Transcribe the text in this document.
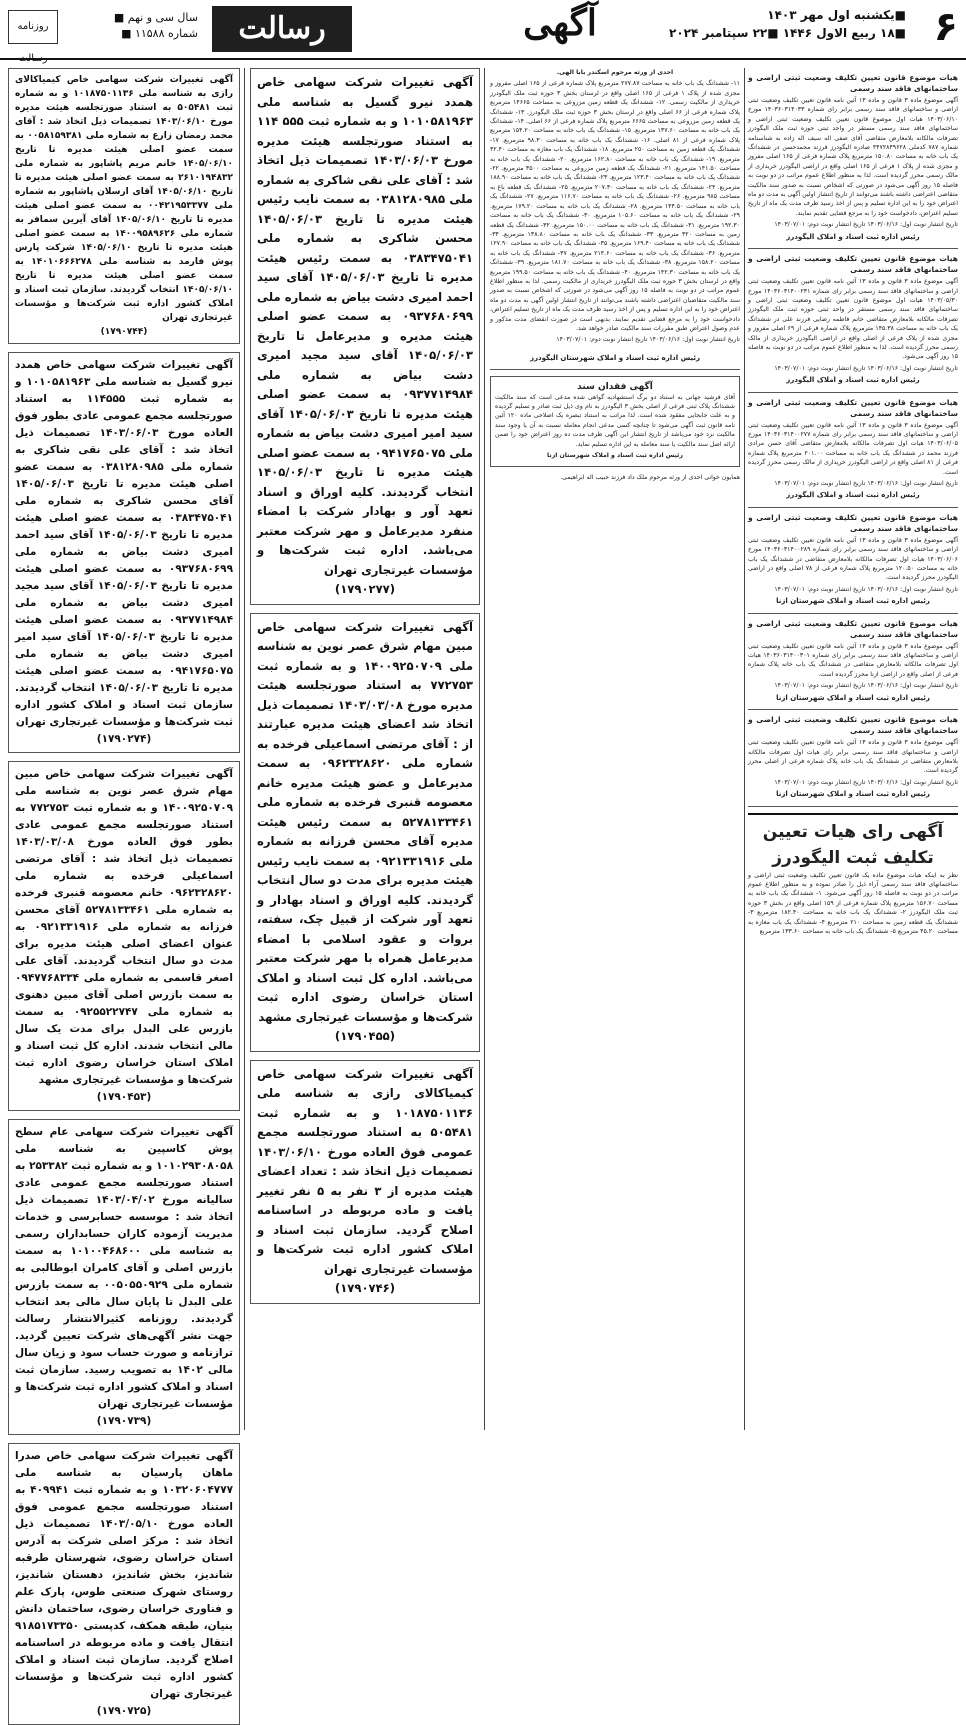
۶
■یکشنبه اول مهر ۱۴۰۳
■۱۸ ربیع الاول ۱۴۴۶ ■۲۲ سپتامبر ۲۰۲۴
آگهی
رسالت
سال سی و نهم ■
شماره ۱۱۵۸۸ ■
روزنامه رسالت
هیات موضوع قانون تعیین تکلیف وضعیت ثبتی اراضی و ساختمانهای فاقد سند رسمی

آگهی موضوع ماده ۳ قانون و ماده ۱۳ آئین نامه قانون تعیین تکلیف وضعیت ثبتی اراضی و ساختمانهای فاقد سند رسمی برابر رای شماره ۱۴۰۳۶۰۳۱۴۰۳۳ مورخ ۱۴۰۳/۰۶/۱۰ هیات اول موضوع قانون تعیین تکلیف وضعیت ثبتی اراضی و ساختمانهای فاقد سند رسمی مستقر در واحد ثبتی حوزه ثبت ملک الیگودرز تصرفات مالکانه بلامعارض متقاضی آقای صفی اله سیف اله زاده به شناسنامه شماره ۷۸۷ کدملی ۴۴۷۲۸۴۹۶۲۸ صادره الیگودرز فرزند محمدحسن در ششدانگ یک باب خانه به مساحت ۱۵۰.۸۰ مترمربع پلاک شماره فرعی از ۱۶۵ اصلی مفروز و مجزی شده از پلاک ۱ فرعی از ۱۶۵ اصلی واقع در اراضی الیگودرز خریداری از مالک رسمی محرز گردیده است. لذا به منظور اطلاع عموم مراتب در دو نوبت به فاصله ۱۵ روز آگهی می‌شود در صورتی که اشخاص نسبت به صدور سند مالکیت متقاضی اعتراضی داشته باشند می‌توانند از تاریخ انتشار اولین آگهی به مدت دو ماه اعتراض خود را به این اداره تسلیم و پس از اخذ رسید ظرف مدت یک ماه از تاریخ تسلیم اعتراض، دادخواست خود را به مرجع قضایی تقدیم نمایند.

تاریخ انتشار نوبت اول: ۱۴۰۳/۰۶/۱۶ تاریخ انتشار نوبت دوم: ۱۴۰۳/۰۷/۰۱

رئیس اداره ثبت اسناد و املاک الیگودرز
هیات موضوع قانون تعیین تکلیف وضعیت ثبتی اراضی و ساختمانهای فاقد سند رسمی

آگهی موضوع ماده ۳ قانون و ماده ۱۳ آئین نامه قانون تعیین تکلیف وضعیت ثبتی اراضی و ساختمانهای فاقد سند رسمی برابر رای شماره ۱۴۰۳۶۰۳۱۴۰۰۲۳۱ مورخ ۱۴۰۳/۰۵/۳۰ هیات اول موضوع قانون تعیین تکلیف وضعیت ثبتی اراضی و ساختمانهای فاقد سند رسمی مستقر در واحد ثبتی حوزه ثبت ملک الیگودرز تصرفات مالکانه بلامعارض متقاضی خانم فاطمه رضایی فرزند علی در ششدانگ یک باب خانه به مساحت ۱۴۵.۳۸ مترمربع پلاک شماره فرعی از ۶۹ اصلی مفروز و مجزی شده از پلاک فرعی از اصلی واقع در اراضی الیگودرز خریداری از مالک رسمی محرز گردیده است. لذا به منظور اطلاع عموم مراتب در دو نوبت به فاصله ۱۵ روز آگهی می‌شود.

تاریخ انتشار نوبت اول: ۱۴۰۳/۰۶/۱۶ تاریخ انتشار نوبت دوم: ۱۴۰۳/۰۷/۰۱

رئیس اداره ثبت اسناد و املاک الیگودرز
هیات موضوع قانون تعیین تکلیف وضعیت ثبتی اراضی و ساختمانهای فاقد سند رسمی

آگهی موضوع ماده ۳ قانون و ماده ۱۳ آئین نامه قانون تعیین تکلیف وضعیت ثبتی اراضی و ساختمانهای فاقد سند رسمی برابر رای شماره ۱۴۰۳۶۰۳۱۴۰۰۲۷۷ مورخ ۱۴۰۳/۰۶/۰۵ هیات اول تصرفات مالکانه بلامعارض متقاضی آقای حسن مرادی فرزند محمد در ششدانگ یک باب خانه به مساحت ۲۰۱.۰۰ مترمربع پلاک شماره فرعی از ۸۱ اصلی واقع در اراضی الیگودرز خریداری از مالک رسمی محرز گردیده است.

تاریخ انتشار نوبت اول: ۱۴۰۳/۰۶/۱۶ تاریخ انتشار نوبت دوم: ۱۴۰۳/۰۷/۰۱

رئیس اداره ثبت اسناد و املاک الیگودرز
هیات موضوع قانون تعیین تکلیف وضعیت ثبتی اراضی و ساختمانهای فاقد سند رسمی

آگهی موضوع ماده ۳ قانون و ماده ۱۳ آئین نامه قانون تعیین تکلیف وضعیت ثبتی اراضی و ساختمانهای فاقد سند رسمی برابر رای شماره ۱۴۰۳۶۰۳۱۴۰۰۲۸۹ مورخ ۱۴۰۳/۰۶/۰۶ هیات اول تصرفات مالکانه بلامعارض متقاضی در ششدانگ یک باب خانه به مساحت ۱۲۰.۵۰ مترمربع پلاک شماره فرعی از ۷۸ اصلی واقع در اراضی الیگودرز محرز گردیده است.

تاریخ انتشار نوبت اول: ۱۴۰۳/۰۶/۱۶ تاریخ انتشار نوبت دوم: ۱۴۰۳/۰۷/۰۱

رئیس اداره ثبت اسناد و املاک شهرستان ازنا
هیات موضوع قانون تعیین تکلیف وضعیت ثبتی اراضی و ساختمانهای فاقد سند رسمی

آگهی موضوع ماده ۳ قانون و ماده ۱۳ آئین نامه قانون تعیین تکلیف وضعیت ثبتی اراضی و ساختمانهای فاقد سند رسمی برابر رای شماره ۱۴۰۳۶۰۳۱۴۰۰۳۰۱ هیات اول تصرفات مالکانه بلامعارض متقاضی در ششدانگ یک باب خانه پلاک شماره فرعی از اصلی واقع در اراضی ازنا محرز گردیده است.

تاریخ انتشار نوبت اول: ۱۴۰۳/۰۶/۱۶ تاریخ انتشار نوبت دوم: ۱۴۰۳/۰۷/۰۱

رئیس اداره ثبت اسناد و املاک شهرستان ازنا
هیات موضوع قانون تعیین تکلیف وضعیت ثبتی اراضی و ساختمانهای فاقد سند رسمی

آگهی موضوع ماده ۳ قانون و ماده ۱۳ آئین نامه قانون تعیین تکلیف وضعیت ثبتی اراضی و ساختمانهای فاقد سند رسمی برابر رای هیات اول تصرفات مالکانه بلامعارض متقاضی در ششدانگ یک باب خانه پلاک شماره فرعی از اصلی محرز گردیده است.

تاریخ انتشار نوبت اول: ۱۴۰۳/۰۶/۱۶ تاریخ انتشار نوبت دوم: ۱۴۰۳/۰۷/۰۱

رئیس اداره ثبت اسناد و املاک شهرستان ازنا
آگهی رای هیات تعیین تکلیف ثبت الیگودرز

نظر به اینکه هیات موضوع ماده یک قانون تعیین تکلیف وضعیت ثبتی اراضی و ساختمانهای فاقد سند رسمی آراء ذیل را صادر نموده و به منظور اطلاع عموم مراتب در دو نوبت به فاصله ۱۵ روز آگهی می‌شود. ۱- ششدانگ یک باب خانه به مساحت ۱۵۶.۷۰ مترمربع پلاک شماره فرعی از ۱۵۹ اصلی واقع در بخش ۳ حوزه ثبت ملک الیگودرز ۲- ششدانگ یک باب خانه به مساحت ۱۸۲.۴۰ مترمربع ۳- ششدانگ یک قطعه زمین به مساحت ۲۱۰ مترمربع ۴- ششدانگ یک باب مغازه به مساحت ۴۵.۲۰ مترمربع ۵- ششدانگ یک باب خانه به مساحت ۱۳۳.۶۰ مترمربع

احدی از ورثه مرحوم اسکندر بابا الهی.

۱۱- ششدانگ یک باب خانه به مساحت ۲۷۷.۸۷ مترمربع پلاک شماره فرعی از ۱۶۵ اصلی مفروز و مجزی شده از پلاک ۱ فرعی از ۱۶۵ اصلی واقع در لرستان بخش ۳ حوزه ثبت ملک الیگودرز خریداری از مالکیت رسمی. ۱۲- ششدانگ یک قطعه زمین مزروعی به مساحت ۱۴۶۶۵ مترمربع پلاک شماره فرعی از ۶۶ اصلی واقع در لرستان بخش ۳ حوزه ثبت ملک الیگودرز. ۱۳- ششدانگ یک قطعه زمین مزروعی به مساحت ۶۶۶۵ مترمربع پلاک شماره فرعی از ۶۶ اصلی. ۱۴- ششدانگ یک باب خانه به مساحت ۱۳۷.۶۰ مترمربع. ۱۵- ششدانگ یک باب خانه به مساحت ۱۵۴.۲۰ مترمربع پلاک شماره فرعی از ۸۱ اصلی. ۱۶- ششدانگ یک باب خانه به مساحت ۹۸.۳۰ مترمربع. ۱۷- ششدانگ یک قطعه زمین به مساحت ۲۵۰ مترمربع. ۱۸- ششدانگ یک باب مغازه به مساحت ۳۲.۴۰ مترمربع. ۱۹- ششدانگ یک باب خانه به مساحت ۱۶۲.۸۰ مترمربع. ۲۰- ششدانگ یک باب خانه به مساحت ۱۴۱.۵۰ مترمربع. ۲۱- ششدانگ یک قطعه زمین مزروعی به مساحت ۳۵۰۰ مترمربع. ۲۲- ششدانگ یک باب خانه به مساحت ۱۲۳.۴۰ مترمربع. ۲۳- ششدانگ یک باب خانه به مساحت ۱۸۸.۹۰ مترمربع. ۲۴- ششدانگ یک باب خانه به مساحت ۲۰۷.۳۰ مترمربع. ۲۵- ششدانگ یک قطعه باغ به مساحت ۹۸۵ مترمربع. ۲۶- ششدانگ یک باب خانه به مساحت ۱۱۶.۷۰ مترمربع. ۲۷- ششدانگ یک باب خانه به مساحت ۱۴۴.۵۰ مترمربع. ۲۸- ششدانگ یک باب خانه به مساحت ۱۷۹.۲۰ مترمربع. ۲۹- ششدانگ یک باب خانه به مساحت ۱۰۵.۶۰ مترمربع. ۳۰- ششدانگ یک باب خانه به مساحت ۱۹۲.۳۰ مترمربع. ۳۱- ششدانگ یک باب خانه به مساحت ۱۵۰.۰۰ مترمربع. ۳۲- ششدانگ یک قطعه زمین به مساحت ۳۲۰ مترمربع. ۳۳- ششدانگ یک باب خانه به مساحت ۱۳۸.۸۰ مترمربع. ۳۴- ششدانگ یک باب خانه به مساحت ۱۶۹.۴۰ مترمربع. ۳۵- ششدانگ یک باب خانه به مساحت ۱۲۷.۹۰ مترمربع. ۳۶- ششدانگ یک باب خانه به مساحت ۲۱۴.۶۰ مترمربع. ۳۷- ششدانگ یک باب خانه به مساحت ۱۵۸.۲۰ مترمربع. ۳۸- ششدانگ یک باب خانه به مساحت ۱۸۱.۷۰ مترمربع. ۳۹- ششدانگ یک باب خانه به مساحت ۱۴۲.۳۰ مترمربع. ۴۰- ششدانگ یک باب خانه به مساحت ۱۹۹.۵۰ مترمربع واقع در لرستان بخش ۳ حوزه ثبت ملک الیگودرز خریداری از مالکیت رسمی. لذا به منظور اطلاع عموم مراتب در دو نوبت به فاصله ۱۵ روز آگهی می‌شود در صورتی که اشخاص نسبت به صدور سند مالکیت متقاضیان اعتراضی داشته باشند می‌توانند از تاریخ انتشار اولین آگهی به مدت دو ماه اعتراض خود را به این اداره تسلیم و پس از اخذ رسید ظرف مدت یک ماه از تاریخ تسلیم اعتراض، دادخواست خود را به مرجع قضایی تقدیم نمایند. بدیهی است در صورت انقضای مدت مذکور و عدم وصول اعتراض طبق مقررات سند مالکیت صادر خواهد شد.

تاریخ انتشار نوبت اول: ۱۴۰۳/۰۶/۱۶ تاریخ انتشار نوبت دوم: ۱۴۰۳/۰۷/۰۱

رئیس اداره ثبت اسناد و املاک شهرستان الیگودرز
آگهی فقدان سند

آقای فرشید جهانی به استناد دو برگ استشهادیه گواهی شده مدعی است که سند مالکیت ششدانگ پلاک ثبتی فرعی از اصلی بخش ۳ الیگودرز به نام وی ذیل ثبت صادر و تسلیم گردیده و به علت جابجایی مفقود شده است. لذا مراتب به استناد تبصره یک اصلاحی ماده ۱۲۰ آئین نامه قانون ثبت آگهی می‌شود تا چنانچه کسی مدعی انجام معامله نسبت به آن یا وجود سند مالکیت نزد خود می‌باشد از تاریخ انتشار این آگهی ظرف مدت ده روز اعتراض خود را ضمن ارائه اصل سند مالکیت یا سند معامله به این اداره تسلیم نماید.

رئیس اداره ثبت اسناد و املاک شهرستان ازنا

همایون خوانی احدی از ورثه مرحوم ملک داد فرزند حبیب اله ابراهیمی.

آگهی تغییرات شرکت سهامی خاص همدد نیرو گسیل به شناسه ملی ۱۰۱۰۵۸۱۹۶۳ و به شماره ثبت ۵۵۵ ۱۱۴ به استناد صورتجلسه هیئت مدیره مورخ ۱۴۰۳/۰۶/۰۳ تصمیمات ذیل اتخاذ شد : آقای علی نقی شاکری به شماره ملی ۰۳۸۱۲۸۰۹۸۵ به سمت نایب رئیس هیئت مدیره تا تاریخ ۱۴۰۵/۰۶/۰۳ محسن شاکری به شماره ملی ۰۳۸۳۴۷۵۰۴۱ به سمت رئیس هیئت مدیره تا تاریخ ۱۴۰۵/۰۶/۰۳ آقای سید احمد امیری دشت بیاض به شماره ملی ۰۹۳۷۶۸۰۶۹۹ به سمت عضو اصلی هیئت مدیره و مدیرعامل تا تاریخ ۱۴۰۵/۰۶/۰۳ آقای سید مجید امیری دشت بیاض به شماره ملی ۰۹۳۷۷۱۴۹۸۴ به سمت عضو اصلی هیئت مدیره تا تاریخ ۱۴۰۵/۰۶/۰۳ آقای سید امیر امیری دشت بیاض به شماره ملی ۰۹۴۱۷۶۵۰۷۵ به سمت عضو اصلی هیئت مدیره تا تاریخ ۱۴۰۵/۰۶/۰۳ انتخاب گردیدند. کلیه اوراق و اسناد تعهد آور و بهادار شرکت با امضاء منفرد مدیرعامل و مهر شرکت معتبر می‌باشد. اداره ثبت شرکت‌ها و مؤسسات غیرتجاری تهران
(۱۷۹۰۲۷۷)
آگهی تغییرات شرکت سهامی خاص مبین مهام شرق عصر نوین به شناسه ملی ۱۴۰۰۹۲۵۰۷۰۹ و به شماره ثبت ۷۷۲۷۵۳ به استناد صورتجلسه هیئت مدیره مورخ ۱۴۰۳/۰۳/۰۸ تصمیمات ذیل اتخاذ شد اعضای هیئت مدیره عبارتند از : آقای مرتضی اسماعیلی فرخده به شماره ملی ۰۹۶۲۳۲۸۶۲۰ به سمت مدیرعامل و عضو هیئت مدیره خانم معصومه قنبری فرخده به شماره ملی ۵۲۷۸۱۳۳۴۶۱ به سمت رئیس هیئت مدیره آقای محسن فرزانه به شماره ملی ۰۹۲۱۳۳۱۹۱۶ به سمت نایب رئیس هیئت مدیره برای مدت دو سال انتخاب گردیدند. کلیه اوراق و اسناد بهادار و تعهد آور شرکت از قبیل چک، سفته، بروات و عقود اسلامی با امضاء مدیرعامل همراه با مهر شرکت معتبر می‌باشد. اداره کل ثبت اسناد و املاک استان خراسان رضوی اداره ثبت شرکت‌ها و مؤسسات غیرتجاری مشهد
(۱۷۹۰۴۵۵)
آگهی تغییرات شرکت سهامی خاص کیمیاکالای رازی به شناسه ملی ۱۰۱۸۷۵۰۱۱۳۶ و به شماره ثبت ۵۰۵۴۸۱ به استناد صورتجلسه مجمع عمومی فوق العاده مورخ ۱۴۰۳/۰۶/۱۰ تصمیمات ذیل اتخاذ شد : تعداد اعضای هیئت مدیره از ۳ نفر به ۵ نفر تغییر یافت و ماده مربوطه در اساسنامه اصلاح گردید. سازمان ثبت اسناد و املاک کشور اداره ثبت شرکت‌ها و مؤسسات غیرتجاری تهران
(۱۷۹۰۷۴۶)
آگهی تغییرات شرکت سهامی خاص کیمیاکالای رازی به شناسه ملی ۱۰۱۸۷۵۰۱۱۳۶ و به شماره ثبت ۵۰۵۴۸۱ به استناد صورتجلسه هیئت مدیره مورخ ۱۴۰۳/۰۶/۱۰ تصمیمات ذیل اتخاذ شد : آقای محمد رمضان زارع به شماره ملی ۰۰۵۸۱۵۹۳۸۱ به سمت عضو اصلی هیئت مدیره تا تاریخ ۱۴۰۵/۰۶/۱۰ خانم مریم پاشاپور به شماره ملی ۲۶۱۰۱۹۴۸۳۲ به سمت عضو اصلی هیئت مدیره تا تاریخ ۱۴۰۵/۰۶/۱۰ آقای ارسلان پاشاپور به شماره ملی ۰۰۴۲۱۹۵۳۳۷۷ به سمت عضو اصلی هیئت مدیره تا تاریخ ۱۴۰۵/۰۶/۱۰ آقای آیرین سمافر به شماره ملی ۱۴۰۰۹۵۸۹۶۲۶ به سمت عضو اصلی هیئت مدیره تا تاریخ ۱۴۰۵/۰۶/۱۰ شرکت پارس پوش فارمد به شناسه ملی ۱۴۰۱۰۶۶۶۲۷۸ به سمت عضو اصلی هیئت مدیره تا تاریخ ۱۴۰۵/۰۶/۱۰ انتخاب گردیدند. سازمان ثبت اسناد و املاک کشور اداره ثبت شرکت‌ها و مؤسسات غیرتجاری تهران
(۱۷۹۰۷۴۴)
آگهی تغییرات شرکت سهامی خاص همدد نیرو گسیل به شناسه ملی ۱۰۱۰۵۸۱۹۶۳ و به شماره ثبت ۱۱۴۵۵۵ به استناد صورتجلسه مجمع عمومی عادی بطور فوق العاده مورخ ۱۴۰۳/۰۶/۰۳ تصمیمات ذیل اتخاذ شد : آقای علی نقی شاکری به شماره ملی ۰۳۸۱۲۸۰۹۸۵ به سمت عضو اصلی هیئت مدیره تا تاریخ ۱۴۰۵/۰۶/۰۳ آقای محسن شاکری به شماره ملی ۰۳۸۳۴۷۵۰۴۱ به سمت عضو اصلی هیئت مدیره تا تاریخ ۱۴۰۵/۰۶/۰۳ آقای سید احمد امیری دشت بیاض به شماره ملی ۰۹۳۷۶۸۰۶۹۹ به سمت عضو اصلی هیئت مدیره تا تاریخ ۱۴۰۵/۰۶/۰۳ آقای سید مجید امیری دشت بیاض به شماره ملی ۰۹۳۷۷۱۴۹۸۴ به سمت عضو اصلی هیئت مدیره تا تاریخ ۱۴۰۵/۰۶/۰۳ آقای سید امیر امیری دشت بیاض به شماره ملی ۰۹۴۱۷۶۵۰۷۵ به سمت عضو اصلی هیئت مدیره تا تاریخ ۱۴۰۵/۰۶/۰۳ انتخاب گردیدند. سازمان ثبت اسناد و املاک کشور اداره ثبت شرکت‌ها و مؤسسات غیرتجاری تهران
(۱۷۹۰۲۷۴)
آگهی تغییرات شرکت سهامی خاص مبین مهام شرق عصر نوین به شناسه ملی ۱۴۰۰۹۲۵۰۷۰۹ و به شماره ثبت ۷۷۲۷۵۳ به استناد صورتجلسه مجمع عمومی عادی بطور فوق العاده مورخ ۱۴۰۳/۰۳/۰۸ تصمیمات ذیل اتخاذ شد : آقای مرتضی اسماعیلی فرخده به شماره ملی ۰۹۶۲۳۲۸۶۲۰ خانم معصومه قنبری فرخده به شماره ملی ۵۲۷۸۱۳۳۴۶۱ آقای محسن فرزانه به شماره ملی ۰۹۲۱۳۳۱۹۱۶ به عنوان اعضای اصلی هیئت مدیره برای مدت دو سال انتخاب گردیدند. آقای علی اصغر قاسمی به شماره ملی ۰۹۴۷۷۶۸۳۳۴ به سمت بازرس اصلی آقای مبین دهنوی به شماره ملی ۰۹۲۵۵۲۲۷۴۷ به سمت بازرس علی البدل برای مدت یک سال مالی انتخاب شدند. اداره کل ثبت اسناد و املاک استان خراسان رضوی اداره ثبت شرکت‌ها و مؤسسات غیرتجاری مشهد
(۱۷۹۰۴۵۳)
آگهی تغییرات شرکت سهامی عام سطح پوش کاسپین به شناسه ملی ۱۰۱۰۲۹۳۰۸۰۵۸ و به شماره ثبت ۲۵۳۳۸۲ به استناد صورتجلسه مجمع عمومی عادی سالیانه مورخ ۱۴۰۳/۰۴/۰۲ تصمیمات ذیل اتخاذ شد : موسسه حسابرسی و خدمات مدیریت آزموده کاران حسابداران رسمی به شناسه ملی ۱۰۱۰۰۴۶۸۶۰۰ به سمت بازرس اصلی و آقای کامران ابوطالبی به شماره ملی ۰۰۵۰۵۵۰۹۲۹ به سمت بازرس علی البدل تا پایان سال مالی بعد انتخاب گردیدند. روزنامه کثیرالانتشار رسالت جهت نشر آگهی‌های شرکت تعیین گردید. ترازنامه و صورت حساب سود و زیان سال مالی ۱۴۰۲ به تصویب رسید. سازمان ثبت اسناد و املاک کشور اداره ثبت شرکت‌ها و مؤسسات غیرتجاری تهران
(۱۷۹۰۷۳۹)
آگهی تغییرات شرکت سهامی خاص صدرا ماهان پارسیان به شناسه ملی ۱۰۳۲۰۶۰۴۷۷۷ و به شماره ثبت ۴۰۹۹۴۱ به استناد صورتجلسه مجمع عمومی فوق العاده مورخ ۱۴۰۳/۰۵/۱۰ تصمیمات ذیل اتخاذ شد : مرکز اصلی شرکت به آدرس استان خراسان رضوی، شهرستان طرقبه شاندیز، بخش شاندیز، دهستان شاندیز، روستای شهرک صنعتی طوس، پارک علم و فناوری خراسان رضوی، ساختمان دانش بنیان، طبقه همکف، کدپستی ۹۱۸۵۱۷۳۳۵۰ انتقال یافت و ماده مربوطه در اساسنامه اصلاح گردید. سازمان ثبت اسناد و املاک کشور اداره ثبت شرکت‌ها و مؤسسات غیرتجاری تهران
(۱۷۹۰۷۲۵)
